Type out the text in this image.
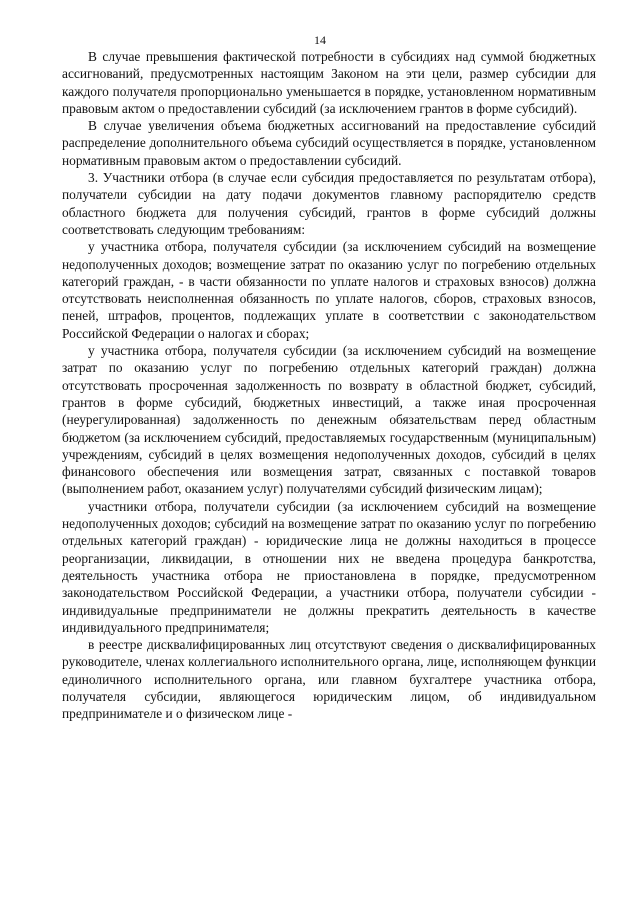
14

В случае превышения фактической потребности в субсидиях над суммой бюджетных ассигнований, предусмотренных настоящим Законом на эти цели, размер субсидии для каждого получателя пропорционально уменьшается в порядке, установленном нормативным правовым актом о предоставлении субсидий (за исключением грантов в форме субсидий).

В случае увеличения объема бюджетных ассигнований на предоставление субсидий распределение дополнительного объема субсидий осуществляется в порядке, установленном нормативным правовым актом о предоставлении субсидий.

3. Участники отбора (в случае если субсидия предоставляется по результатам отбора), получатели субсидии на дату подачи документов главному распорядителю средств областного бюджета для получения субсидий, грантов в форме субсидий должны соответствовать следующим требованиям:

у участника отбора, получателя субсидии (за исключением субсидий на возмещение недополученных доходов; возмещение затрат по оказанию услуг по погребению отдельных категорий граждан, - в части обязанности по уплате налогов и страховых взносов) должна отсутствовать неисполненная обязанность по уплате налогов, сборов, страховых взносов, пеней, штрафов, процентов, подлежащих уплате в соответствии с законодательством Российской Федерации о налогах и сборах;

у участника отбора, получателя субсидии (за исключением субсидий на возмещение затрат по оказанию услуг по погребению отдельных категорий граждан) должна отсутствовать просроченная задолженность по возврату в областной бюджет, субсидий, грантов в форме субсидий, бюджетных инвестиций, а также иная просроченная (неурегулированная) задолженность по денежным обязательствам перед областным бюджетом (за исключением субсидий, предоставляемых государственным (муниципальным) учреждениям, субсидий в целях возмещения недополученных доходов, субсидий в целях финансового обеспечения или возмещения затрат, связанных с поставкой товаров (выполнением работ, оказанием услуг) получателями субсидий физическим лицам);

участники отбора, получатели субсидии (за исключением субсидий на возмещение недополученных доходов; субсидий на возмещение затрат по оказанию услуг по погребению отдельных категорий граждан) - юридические лица не должны находиться в процессе реорганизации, ликвидации, в отношении них не введена процедура банкротства, деятельность участника отбора не приостановлена в порядке, предусмотренном законодательством Российской Федерации, а участники отбора, получатели субсидии - индивидуальные предприниматели не должны прекратить деятельность в качестве индивидуального предпринимателя;

в реестре дисквалифицированных лиц отсутствуют сведения о дисквалифицированных руководителе, членах коллегиального исполнительного органа, лице, исполняющем функции единоличного исполнительного органа, или главном бухгалтере участника отбора, получателя субсидии, являющегося юридическим лицом, об индивидуальном предпринимателе и о физическом лице -
